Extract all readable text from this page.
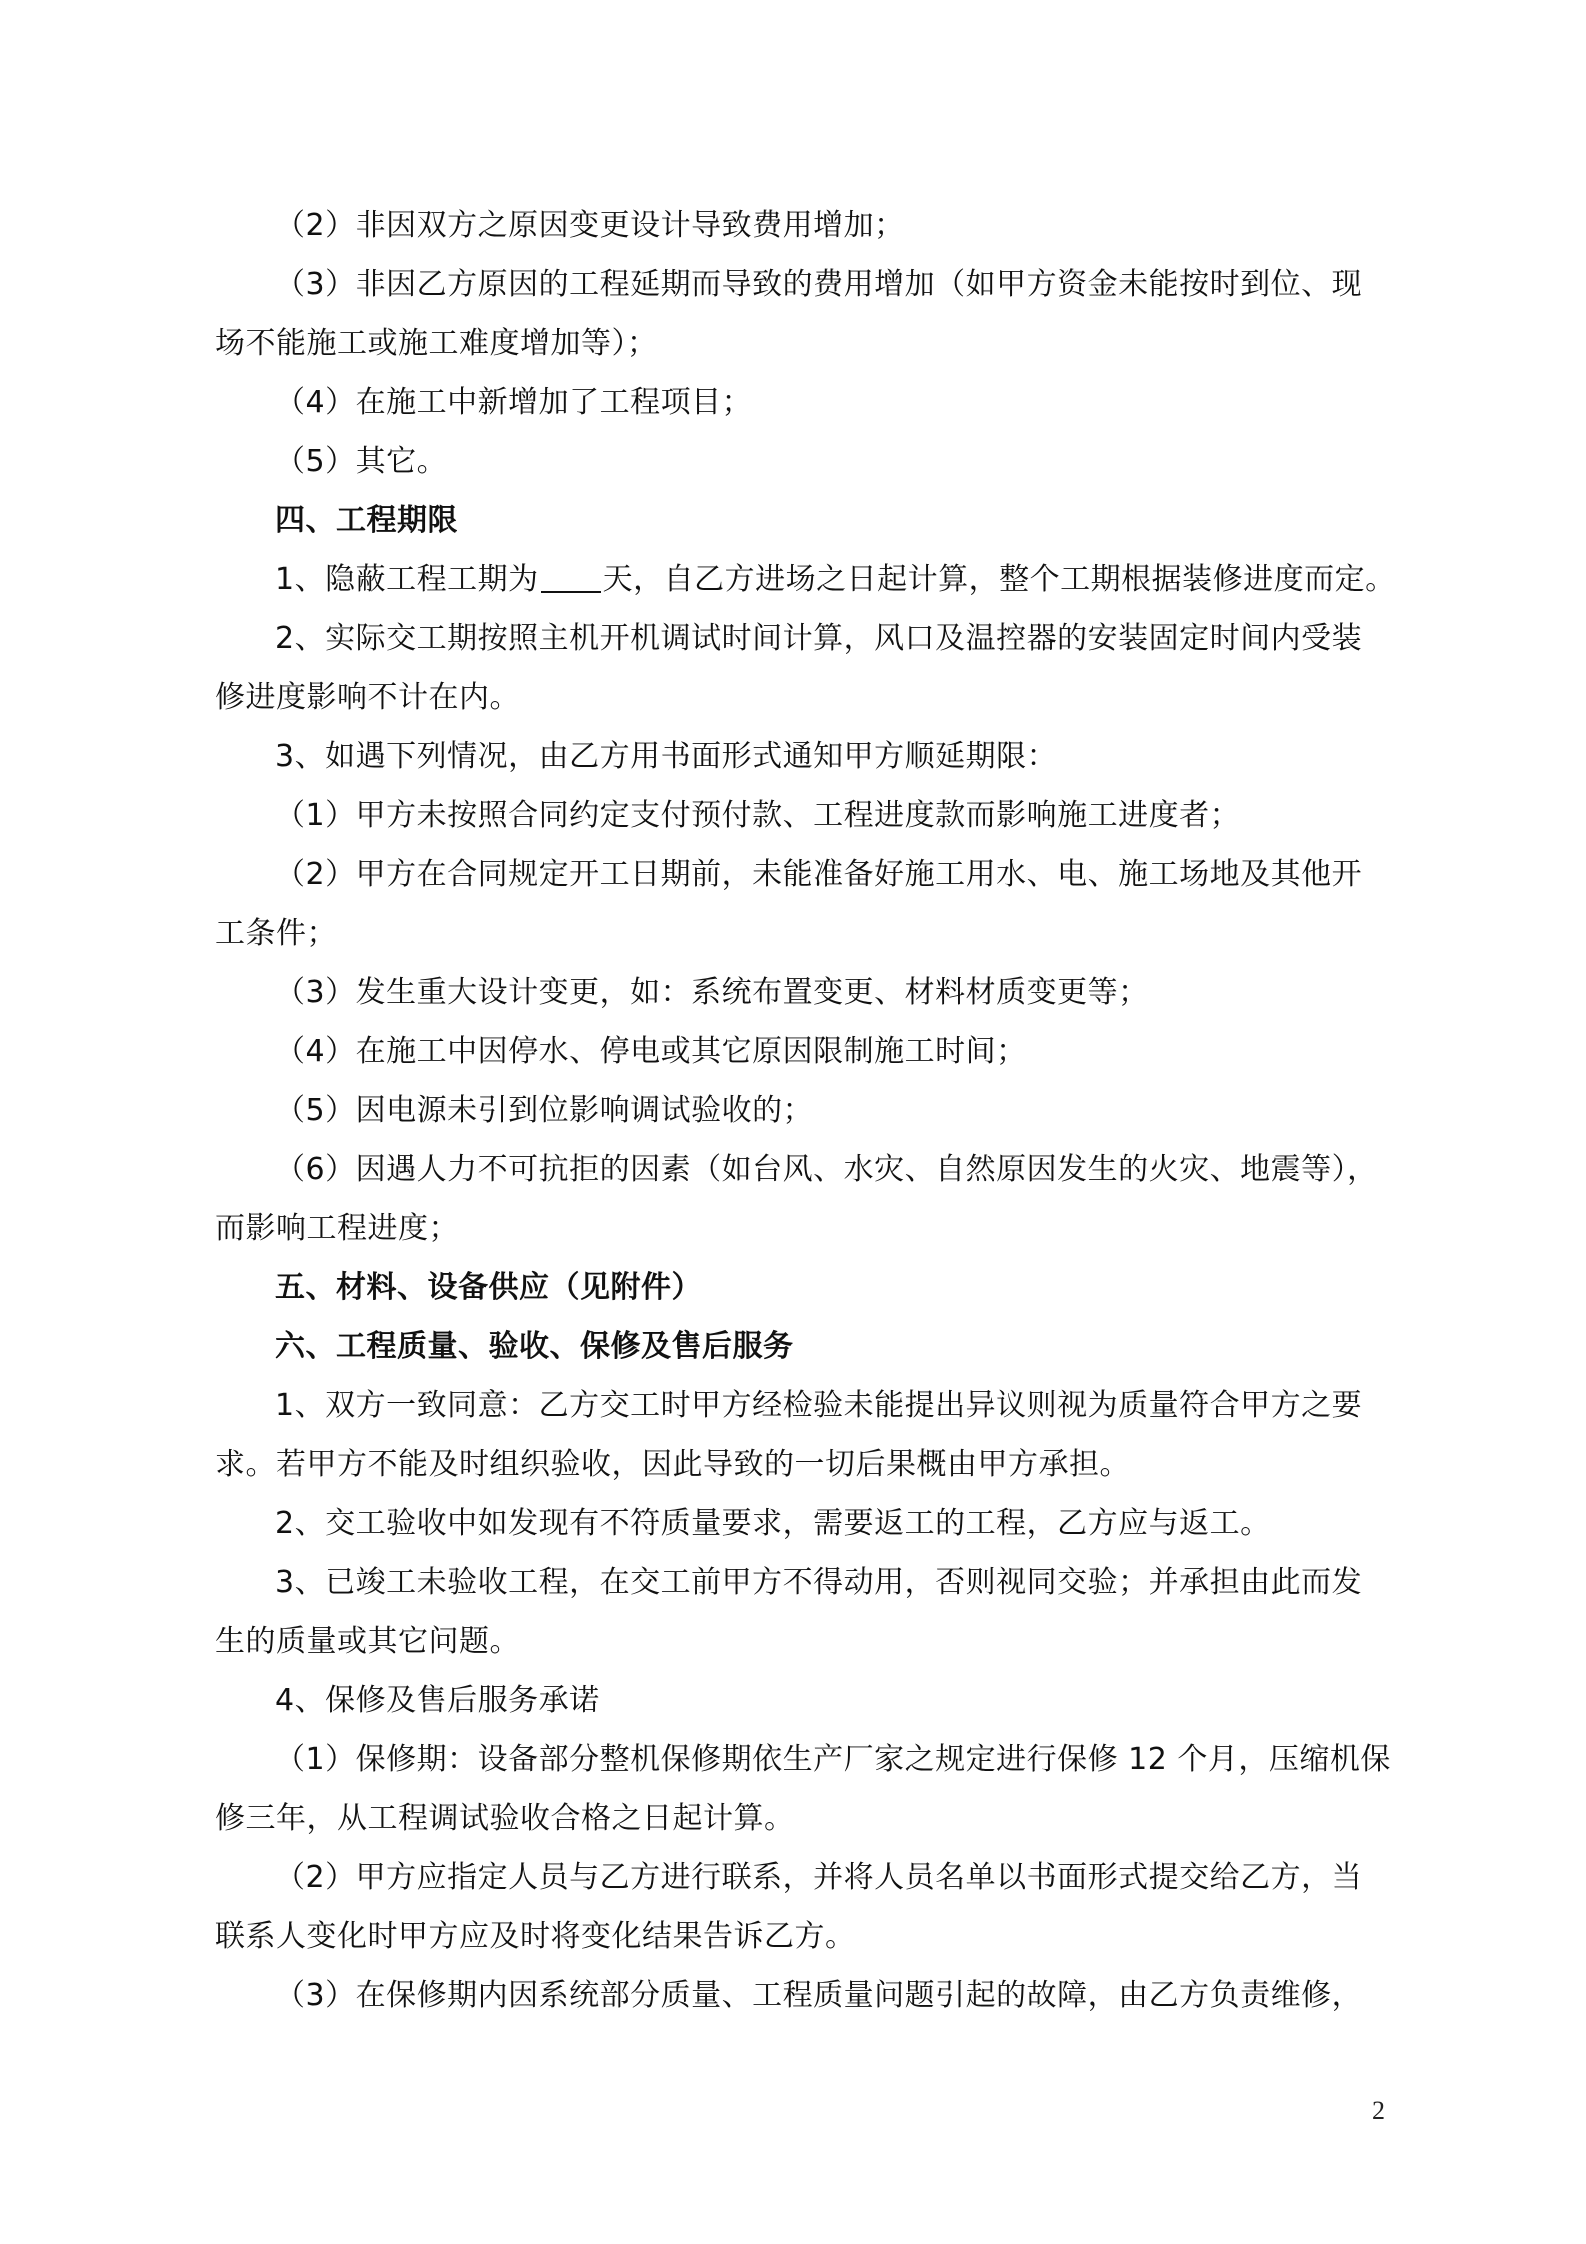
（2）非因双方之原因变更设计导致费用增加；

（3）非因乙方原因的工程延期而导致的费用增加（如甲方资金未能按时到位、现

场不能施工或施工难度增加等）；

（4）在施工中新增加了工程项目；

（5）其它。

四、工程期限

1、隐蔽工程工期为 天，自乙方进场之日起计算，整个工期根据装修进度而定。

2、实际交工期按照主机开机调试时间计算，风口及温控器的安装固定时间内受装

修进度影响不计在内。

3、如遇下列情况，由乙方用书面形式通知甲方顺延期限：

（1）甲方未按照合同约定支付预付款、工程进度款而影响施工进度者；

（2）甲方在合同规定开工日期前，未能准备好施工用水、电、施工场地及其他开

工条件；

（3）发生重大设计变更，如：系统布置变更、材料材质变更等；

（4）在施工中因停水、停电或其它原因限制施工时间；

（5）因电源未引到位影响调试验收的；

（6）因遇人力不可抗拒的因素（如台风、水灾、自然原因发生的火灾、地震等），

而影响工程进度；

五、材料、设备供应（见附件）

六、工程质量、验收、保修及售后服务

1、双方一致同意：乙方交工时甲方经检验未能提出异议则视为质量符合甲方之要

求。若甲方不能及时组织验收，因此导致的一切后果概由甲方承担。

2、交工验收中如发现有不符质量要求，需要返工的工程，乙方应与返工。

3、已竣工未验收工程，在交工前甲方不得动用，否则视同交验；并承担由此而发

生的质量或其它问题。

4、保修及售后服务承诺

（1）保修期：设备部分整机保修期依生产厂家之规定进行保修 12 个月，压缩机保

修三年，从工程调试验收合格之日起计算。

（2）甲方应指定人员与乙方进行联系，并将人员名单以书面形式提交给乙方，当

联系人变化时甲方应及时将变化结果告诉乙方。

（3）在保修期内因系统部分质量、工程质量问题引起的故障，由乙方负责维修，

2
